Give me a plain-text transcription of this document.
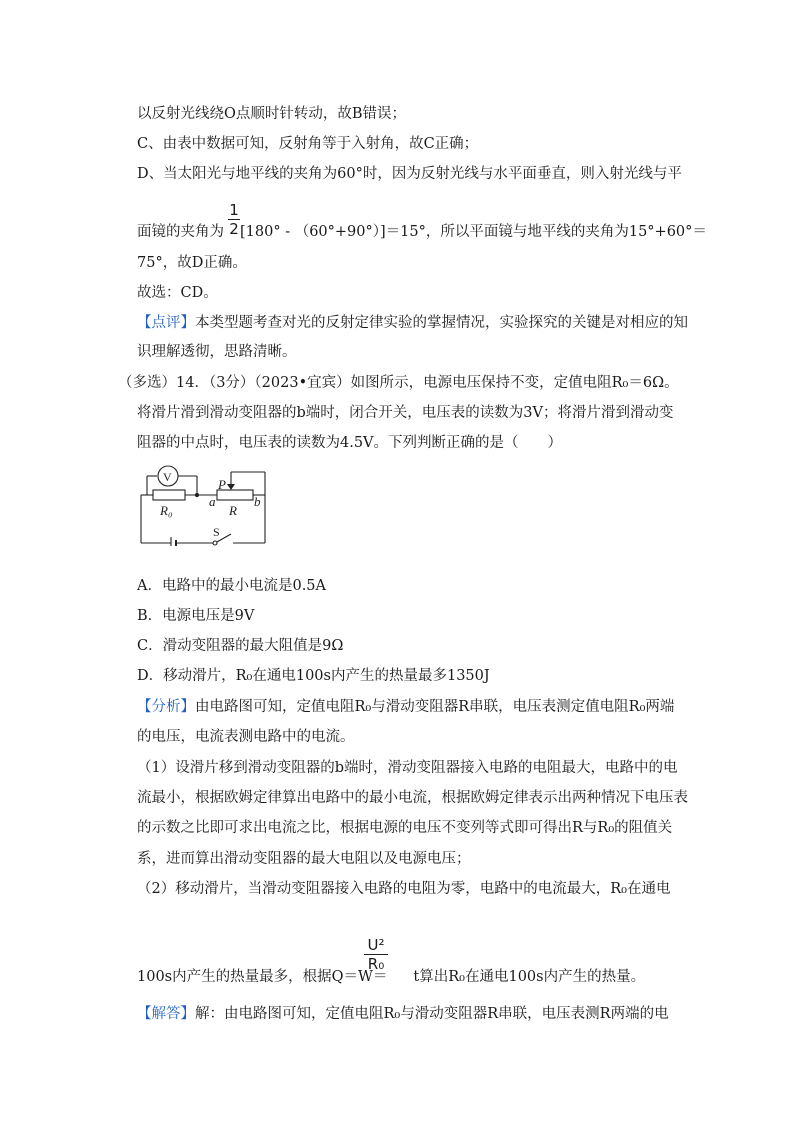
以反射光线绕O点顺时针转动，故B错误；
C、由表中数据可知，反射角等于入射角，故C正确；
D、当太阳光与地平线的夹角为60°时，因为反射光线与水平面垂直，则入射光线与平
1
2
面镜的夹角为 [180° - （60°+90°）]＝15°，所以平面镜与地平线的夹角为15°+60°＝
75°，故D正确。
故选：CD。
【点评】本类型题考查对光的反射定律实验的掌握情况，实验探究的关键是对相应的知
识理解透彻，思路清晰。
（多选）14．（3分）（2023•宜宾）如图所示，电源电压保持不变，定值电阻R₀＝6Ω。
将滑片滑到滑动变阻器的b端时，闭合开关，电压表的读数为3V；将滑片滑到滑动变
阻器的中点时，电压表的读数为4.5V。下列判断正确的是（　　）
V
R₀
a
P
R
b
S
A．电路中的最小电流是0.5A
B．电源电压是9V
C．滑动变阻器的最大阻值是9Ω
D．移动滑片，R₀在通电100s内产生的热量最多1350J
【分析】由电路图可知，定值电阻R₀与滑动变阻器R串联，电压表测定值电阻R₀两端
的电压，电流表测电路中的电流。
（1）设滑片移到滑动变阻器的b端时，滑动变阻器接入电路的电阻最大，电路中的电
流最小，根据欧姆定律算出电路中的最小电流，根据欧姆定律表示出两种情况下电压表
的示数之比即可求出电流之比，根据电源的电压不变列等式即可得出R与R₀的阻值关
系，进而算出滑动变阻器的最大电阻以及电源电压；
（2）移动滑片，当滑动变阻器接入电路的电阻为零，电路中的电流最大，R₀在通电
U²
R₀
100s内产生的热量最多，根据Q＝W＝ t算出R₀在通电100s内产生的热量。
【解答】解：由电路图可知，定值电阻R₀与滑动变阻器R串联，电压表测R两端的电
